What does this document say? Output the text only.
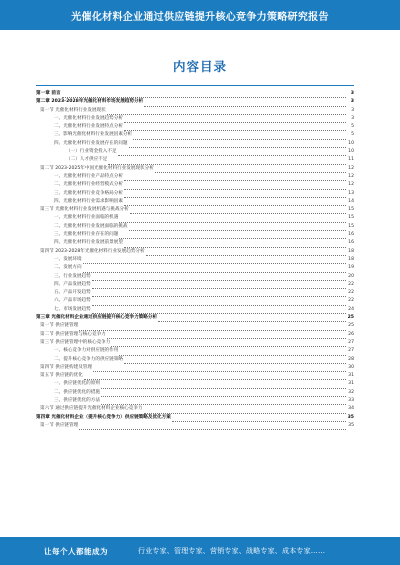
光催化材料企业通过供应链提升核心竞争力策略研究报告
内容目录
第一章 前言	3
第二章 2023-2028年光催化材料市场发展趋势分析	3
第一节 光催化材料行业发展现状	3
一、光催化材料行业发展趋势分析	3
二、光催化材料行业发展特点分析	5
三、影响光催化材料行业发展因素分析	5
四、光催化材料行业发展存在的问题	10
（一）行业资金投入不足	10
（二）人才供应不足	11
第二节 2023-2025年中国光催化材料行业发展现状分析	12
一、光催化材料行业产品特点分析	12
二、光催化材料行业经营模式分析	12
三、光催化材料行业竞争格局分析	13
四、光催化材料行业需求影响因素	14
第三节 光催化材料行业发展机遇与挑战分析	15
一、光催化材料行业面临的机遇	15
二、光催化材料行业发展面临的挑战	15
三、光催化材料行业存在的问题	16
四、光催化材料行业发展前景展望	16
第四节 2023-2028年光催化材料行业发展趋势分析	18
一、发展环境	18
二、发展方向	19
三、行业发展趋势	20
四、产品发展趋势	22
五、产品开发趋势	22
六、产品市场趋势	22
七、市场发展趋势	24
第三章 光催化材料企业通过供应链提升核心竞争力策略分析	25
第一节 供应链管理	25
第二节 供应链管理与核心竞争力	26
第三节 供应链管理中的核心竞争力	27
一、核心竞争力对供应链的作用	27
二、提升核心竞争力的供应链策略	28
第四节 供应链构建及管理	30
第五节 供应链的优化	31
一、供应链优化的原则	31
二、供应链优化的措施	32
三、供应链优化的方法	33
第六节 通过供应链提升光催化材料企业核心竞争力	34
第四章 光催化材料企业（提升核心竞争力）供应链策略及优化方案	35
第一节 供应链管理	35
让每个人都能成为	行业专家、管理专家、营销专家、战略专家、成本专家……
